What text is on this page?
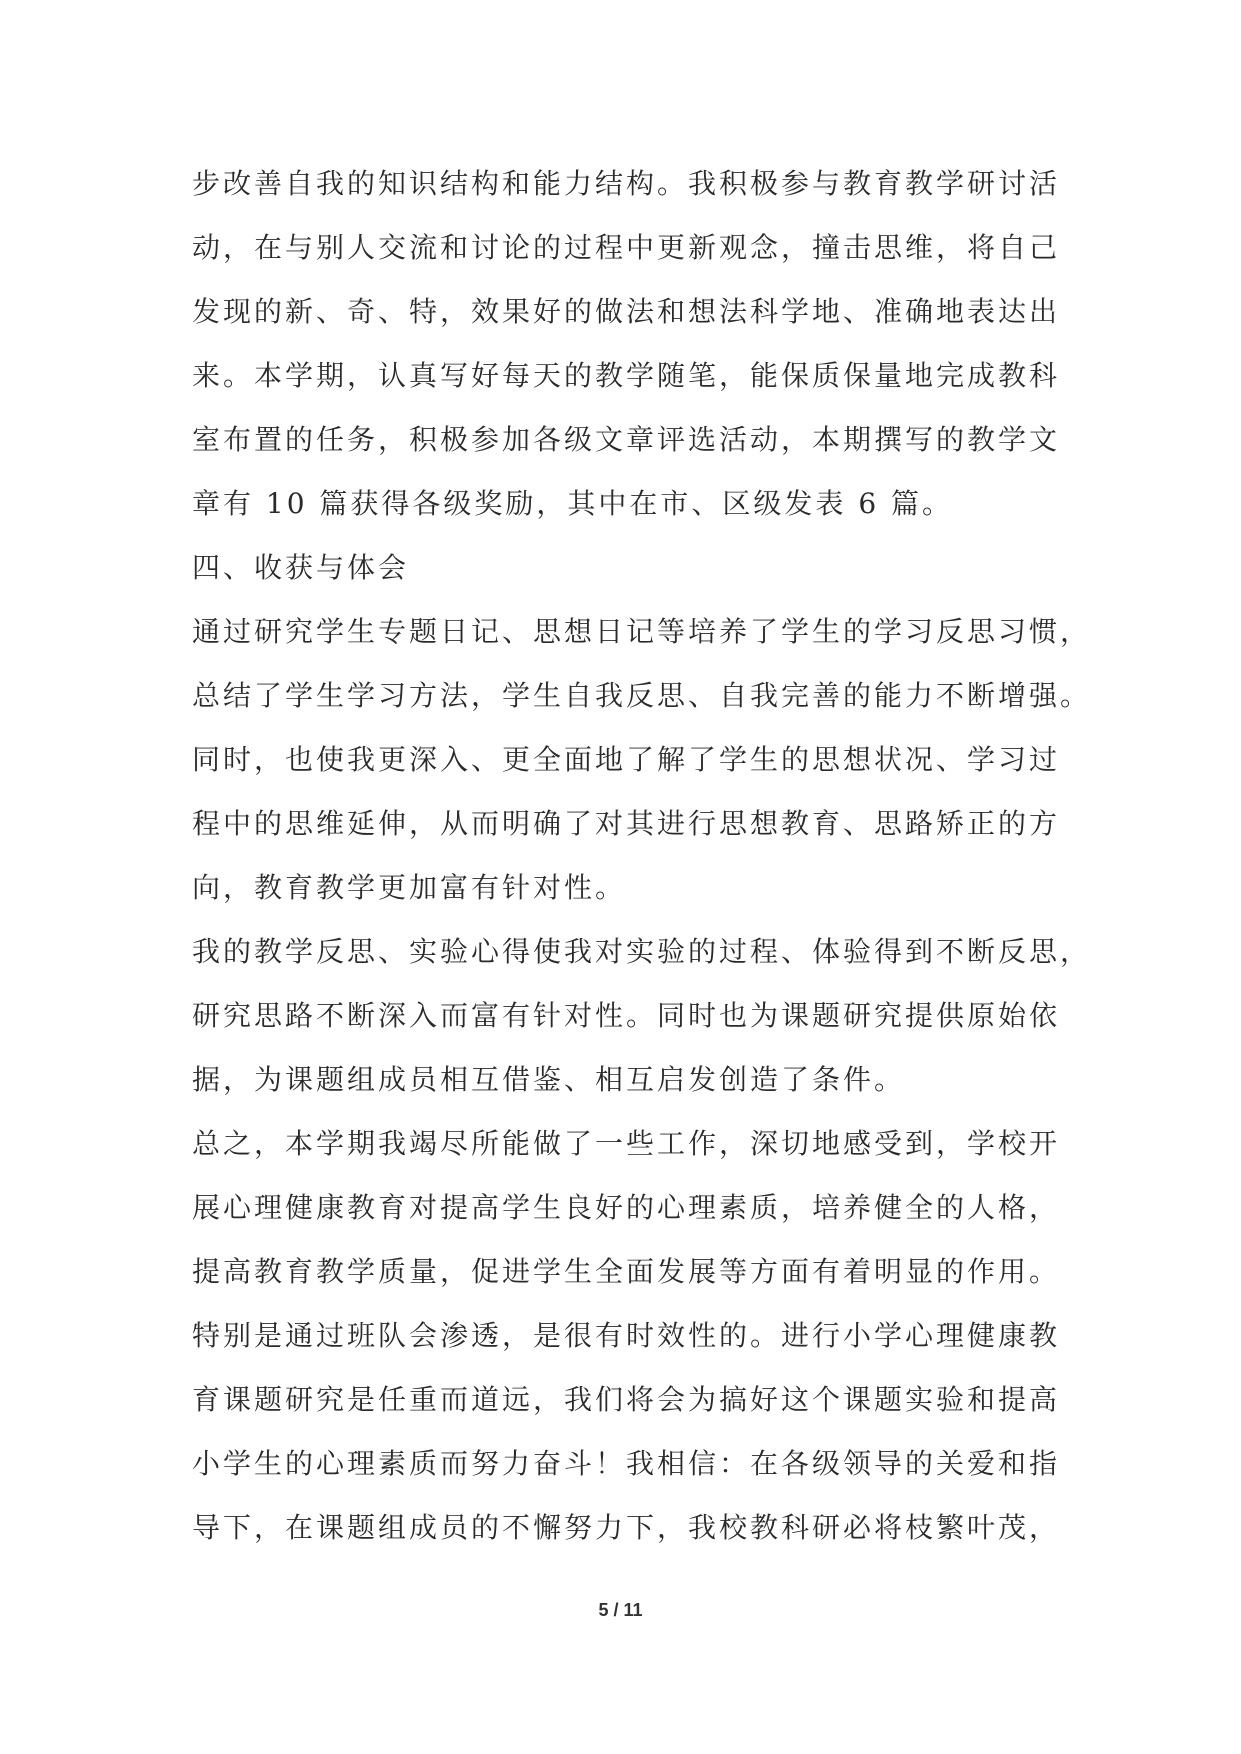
步改善自我的知识结构和能力结构。我积极参与教育教学研讨活
动，在与别人交流和讨论的过程中更新观念，撞击思维，将自己
发现的新、奇、特，效果好的做法和想法科学地、准确地表达出
来。本学期，认真写好每天的教学随笔，能保质保量地完成教科
室布置的任务，积极参加各级文章评选活动，本期撰写的教学文
章有 10 篇获得各级奖励，其中在市、区级发表 6 篇。
四、收获与体会
通过研究学生专题日记、思想日记等培养了学生的学习反思习惯，
总结了学生学习方法，学生自我反思、自我完善的能力不断增强。
同时，也使我更深入、更全面地了解了学生的思想状况、学习过
程中的思维延伸，从而明确了对其进行思想教育、思路矫正的方
向，教育教学更加富有针对性。
我的教学反思、实验心得使我对实验的过程、体验得到不断反思，
研究思路不断深入而富有针对性。同时也为课题研究提供原始依
据，为课题组成员相互借鉴、相互启发创造了条件。
总之，本学期我竭尽所能做了一些工作，深切地感受到，学校开
展心理健康教育对提高学生良好的心理素质，培养健全的人格，
提高教育教学质量，促进学生全面发展等方面有着明显的作用。
特别是通过班队会渗透，是很有时效性的。进行小学心理健康教
育课题研究是任重而道远，我们将会为搞好这个课题实验和提高
小学生的心理素质而努力奋斗！我相信：在各级领导的关爱和指
导下，在课题组成员的不懈努力下，我校教科研必将枝繁叶茂，
5 / 11
